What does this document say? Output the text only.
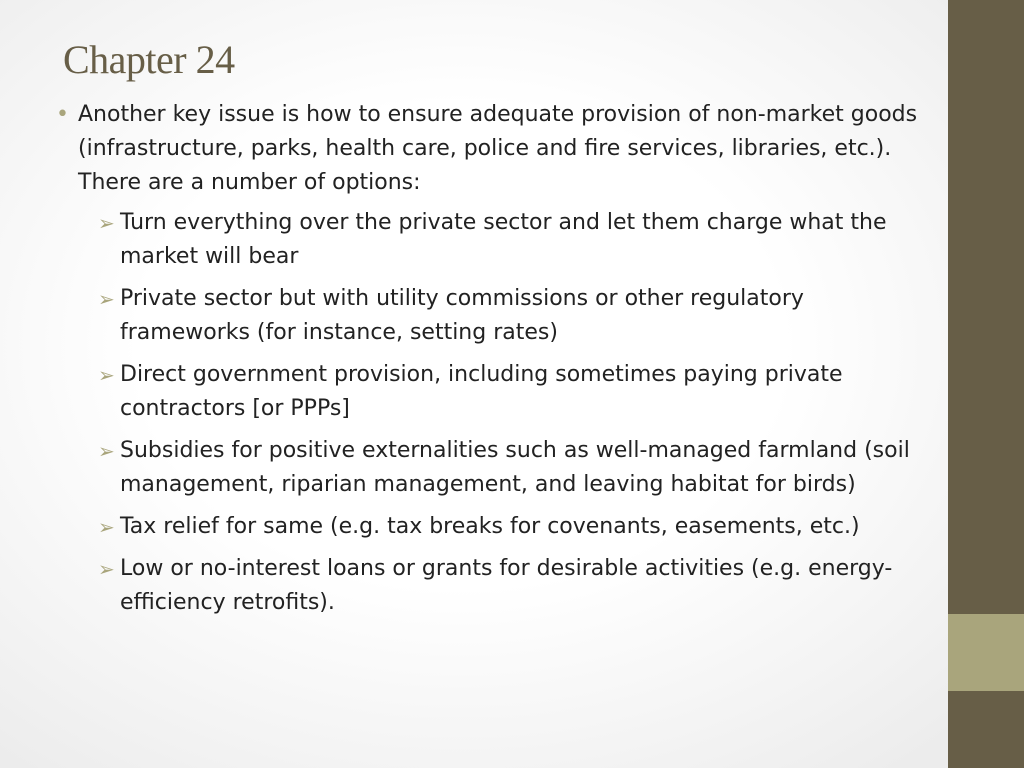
Chapter 24
• Another key issue is how to ensure adequate provision of non-market goods (infrastructure, parks, health care, police and fire services, libraries, etc.). There are a number of options:
➢ Turn everything over the private sector and let them charge what the market will bear
➢ Private sector but with utility commissions or other regulatory frameworks (for instance, setting rates)
➢ Direct government provision, including sometimes paying private contractors [or PPPs]
➢ Subsidies for positive externalities such as well-managed farmland (soil management, riparian management, and leaving habitat for birds)
➢ Tax relief for same (e.g. tax breaks for covenants, easements, etc.)
➢ Low or no-interest loans or grants for desirable activities (e.g. energy-efficiency retrofits).
